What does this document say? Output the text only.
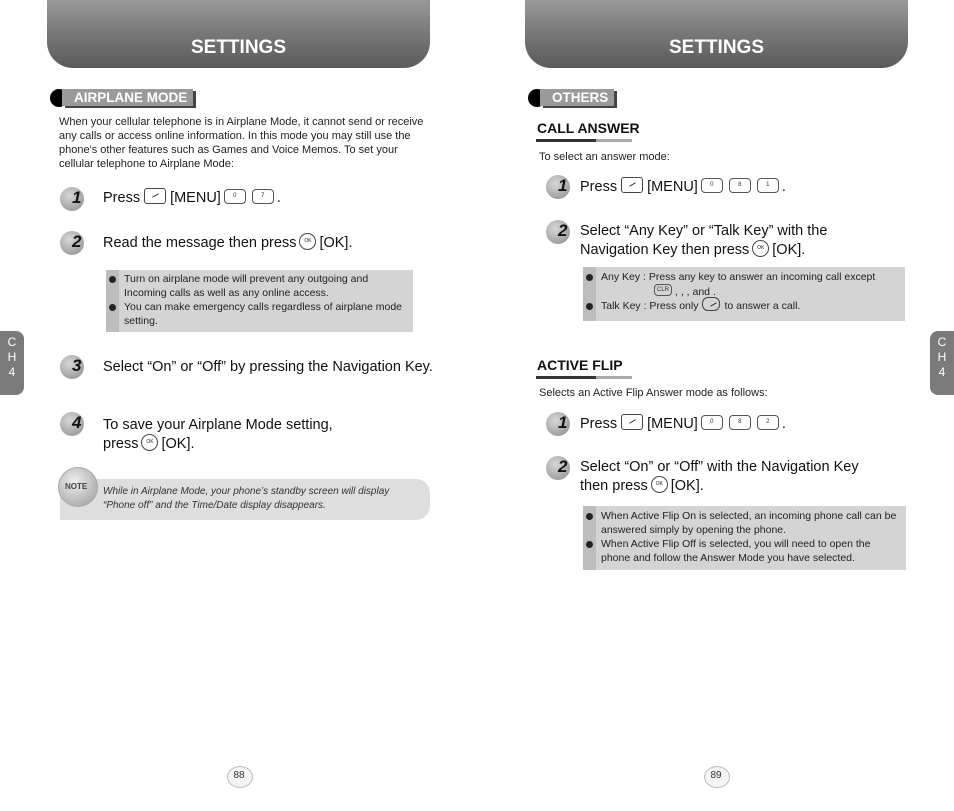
SETTINGS
AIRPLANE MODE
When your cellular telephone is in Airplane Mode, it cannot send or receive any calls or access online information. In this mode you may still use the phone's other features such as Games and Voice Memos. To set your cellular telephone to Airplane Mode:
1 Press [MENU] 0	7 .
2 Read the message then press OK [OK].
Turn on airplane mode will prevent any outgoing and Incoming calls as well as any online access.
You can make emergency calls regardless of airplane mode setting.
3 Select “On” or “Off” by pressing the Navigation Key.
4 To save your Airplane Mode setting,
press OK [OK].
While in Airplane Mode, your phone’s standby screen will display “Phone off” and the Time/Date display disappears.
NOTE
C
H
4
88
SETTINGS
OTHERS
CALL ANSWER
To select an answer mode:
1 Press [MENU] 0	8	1 .
2 Select “Any Key” or “Talk Key” with the
Navigation Key then press OK [OK].
Any Key : Press any key to answer an incoming call except
CLR , , , and .
Talk Key : Press only to answer a call.
ACTIVE FLIP
Selects an Active Flip Answer mode as follows:
1 Press [MENU] 0	8	2 .
2 Select “On” or “Off” with the Navigation Key
then press OK [OK].
When Active Flip On is selected, an incoming phone call can be answered simply by opening the phone.
When Active Flip Off is selected, you will need to open the phone and follow the Answer Mode you have selected.
C
H
4
89
